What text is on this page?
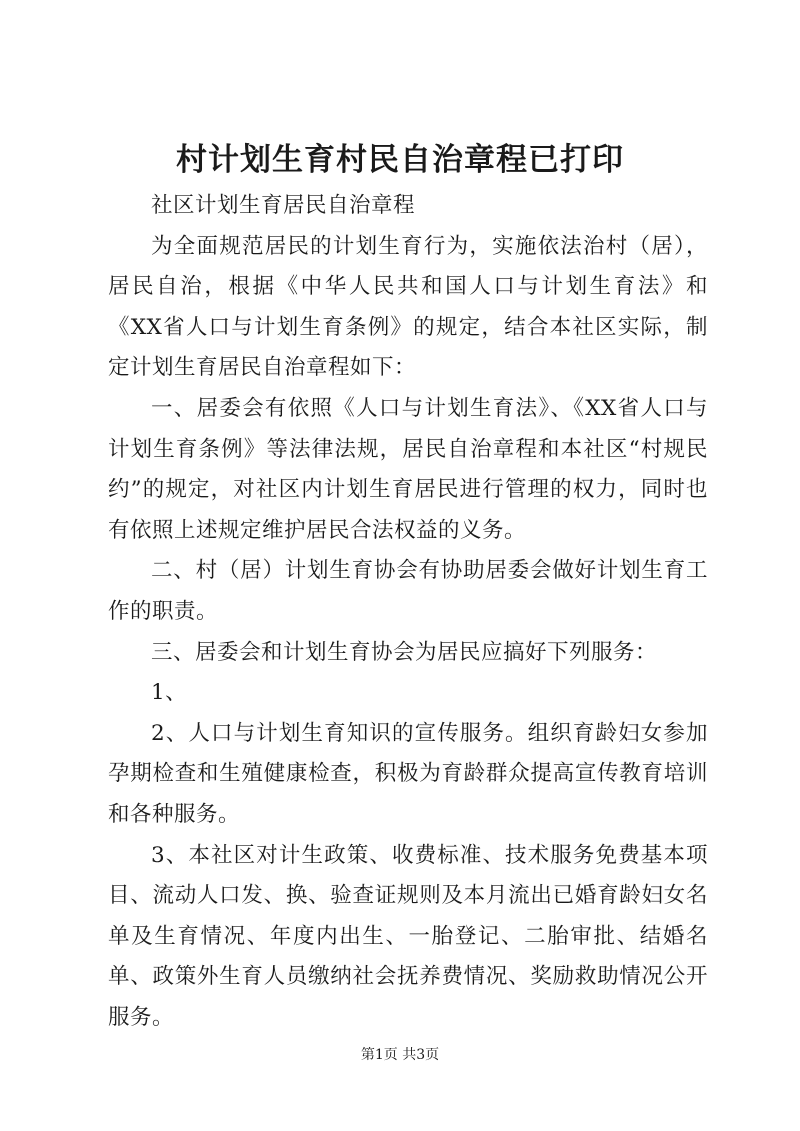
村计划生育村民自治章程已打印

社区计划生育居民自治章程

为全面规范居民的计划生育行为，实施依法治村（居），居民自治，根据《中华人民共和国人口与计划生育法》和《XX省人口与计划生育条例》的规定，结合本社区实际，制定计划生育居民自治章程如下：

一、居委会有依照《人口与计划生育法》、《XX省人口与计划生育条例》等法律法规，居民自治章程和本社区“村规民约”的规定，对社区内计划生育居民进行管理的权力，同时也有依照上述规定维护居民合法权益的义务。

二、村（居）计划生育协会有协助居委会做好计划生育工作的职责。

三、居委会和计划生育协会为居民应搞好下列服务：

1、

2、人口与计划生育知识的宣传服务。组织育龄妇女参加孕期检查和生殖健康检查，积极为育龄群众提高宣传教育培训和各种服务。

3、本社区对计生政策、收费标准、技术服务免费基本项目、流动人口发、换、验查证规则及本月流出已婚育龄妇女名单及生育情况、年度内出生、一胎登记、二胎审批、结婚名单、政策外生育人员缴纳社会抚养费情况、奖励救助情况公开服务。

第1页 共3页
